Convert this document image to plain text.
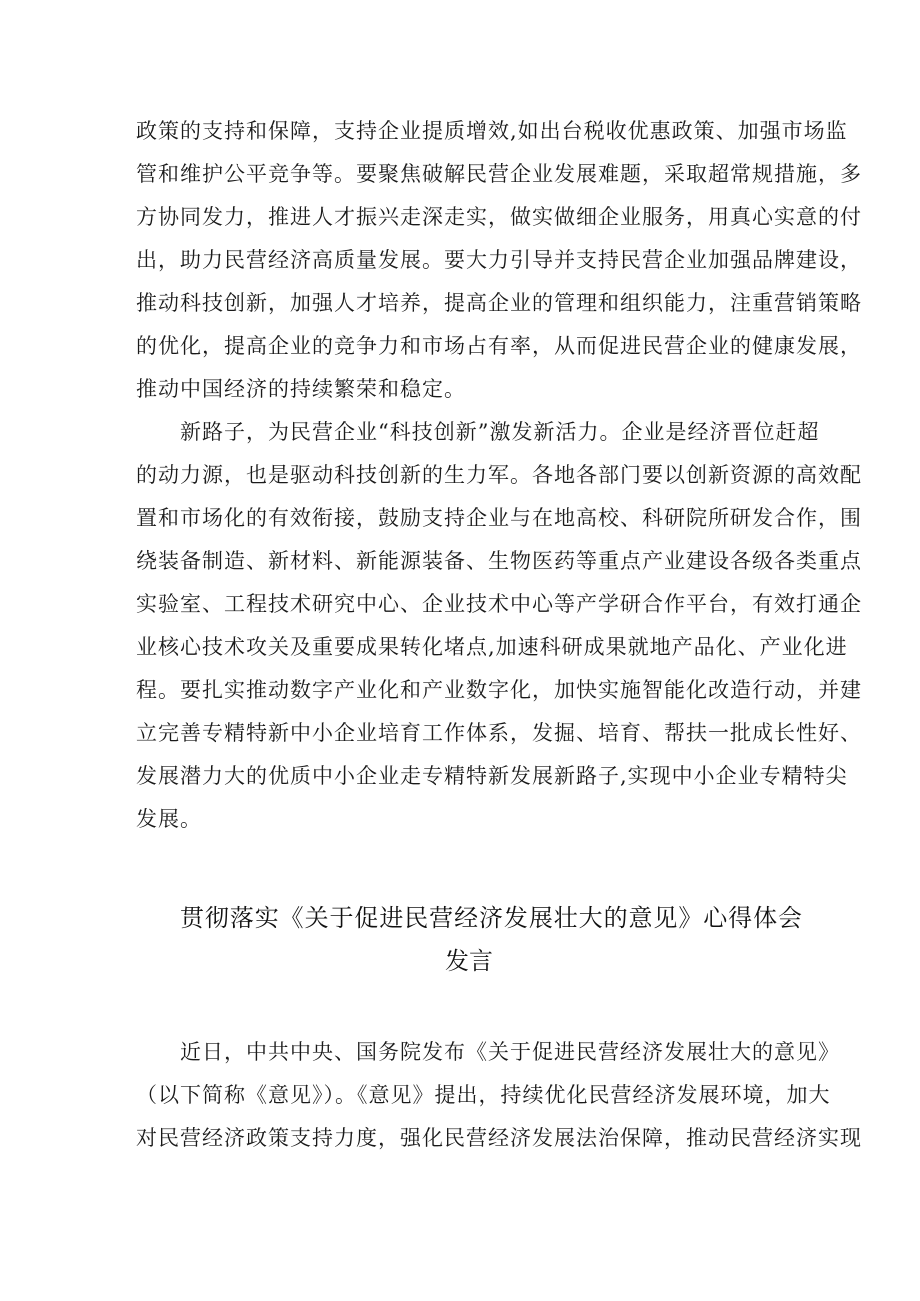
政策的支持和保障，支持企业提质增效,如出台税收优惠政策、加强市场监
管和维护公平竞争等。要聚焦破解民营企业发展难题，采取超常规措施，多
方协同发力，推进人才振兴走深走实，做实做细企业服务，用真心实意的付
出，助力民营经济高质量发展。要大力引导并支持民营企业加强品牌建设，
推动科技创新，加强人才培养，提高企业的管理和组织能力，注重营销策略
的优化，提高企业的竞争力和市场占有率，从而促进民营企业的健康发展，
推动中国经济的持续繁荣和稳定。
新路子，为民营企业“科技创新”激发新活力。企业是经济晋位赶超
的动力源，也是驱动科技创新的生力军。各地各部门要以创新资源的高效配
置和市场化的有效衔接，鼓励支持企业与在地高校、科研院所研发合作，围
绕装备制造、新材料、新能源装备、生物医药等重点产业建设各级各类重点
实验室、工程技术研究中心、企业技术中心等产学研合作平台，有效打通企
业核心技术攻关及重要成果转化堵点,加速科研成果就地产品化、产业化进
程。要扎实推动数字产业化和产业数字化，加快实施智能化改造行动，并建
立完善专精特新中小企业培育工作体系，发掘、培育、帮扶一批成长性好、
发展潜力大的优质中小企业走专精特新发展新路子,实现中小企业专精特尖
发展。
贯彻落实《关于促进民营经济发展壮大的意见》心得体会
发言
近日，中共中央、国务院发布《关于促进民营经济发展壮大的意见》
（以下简称《意见》）。《意见》提出，持续优化民营经济发展环境，加大
对民营经济政策支持力度，强化民营经济发展法治保障，推动民营经济实现
